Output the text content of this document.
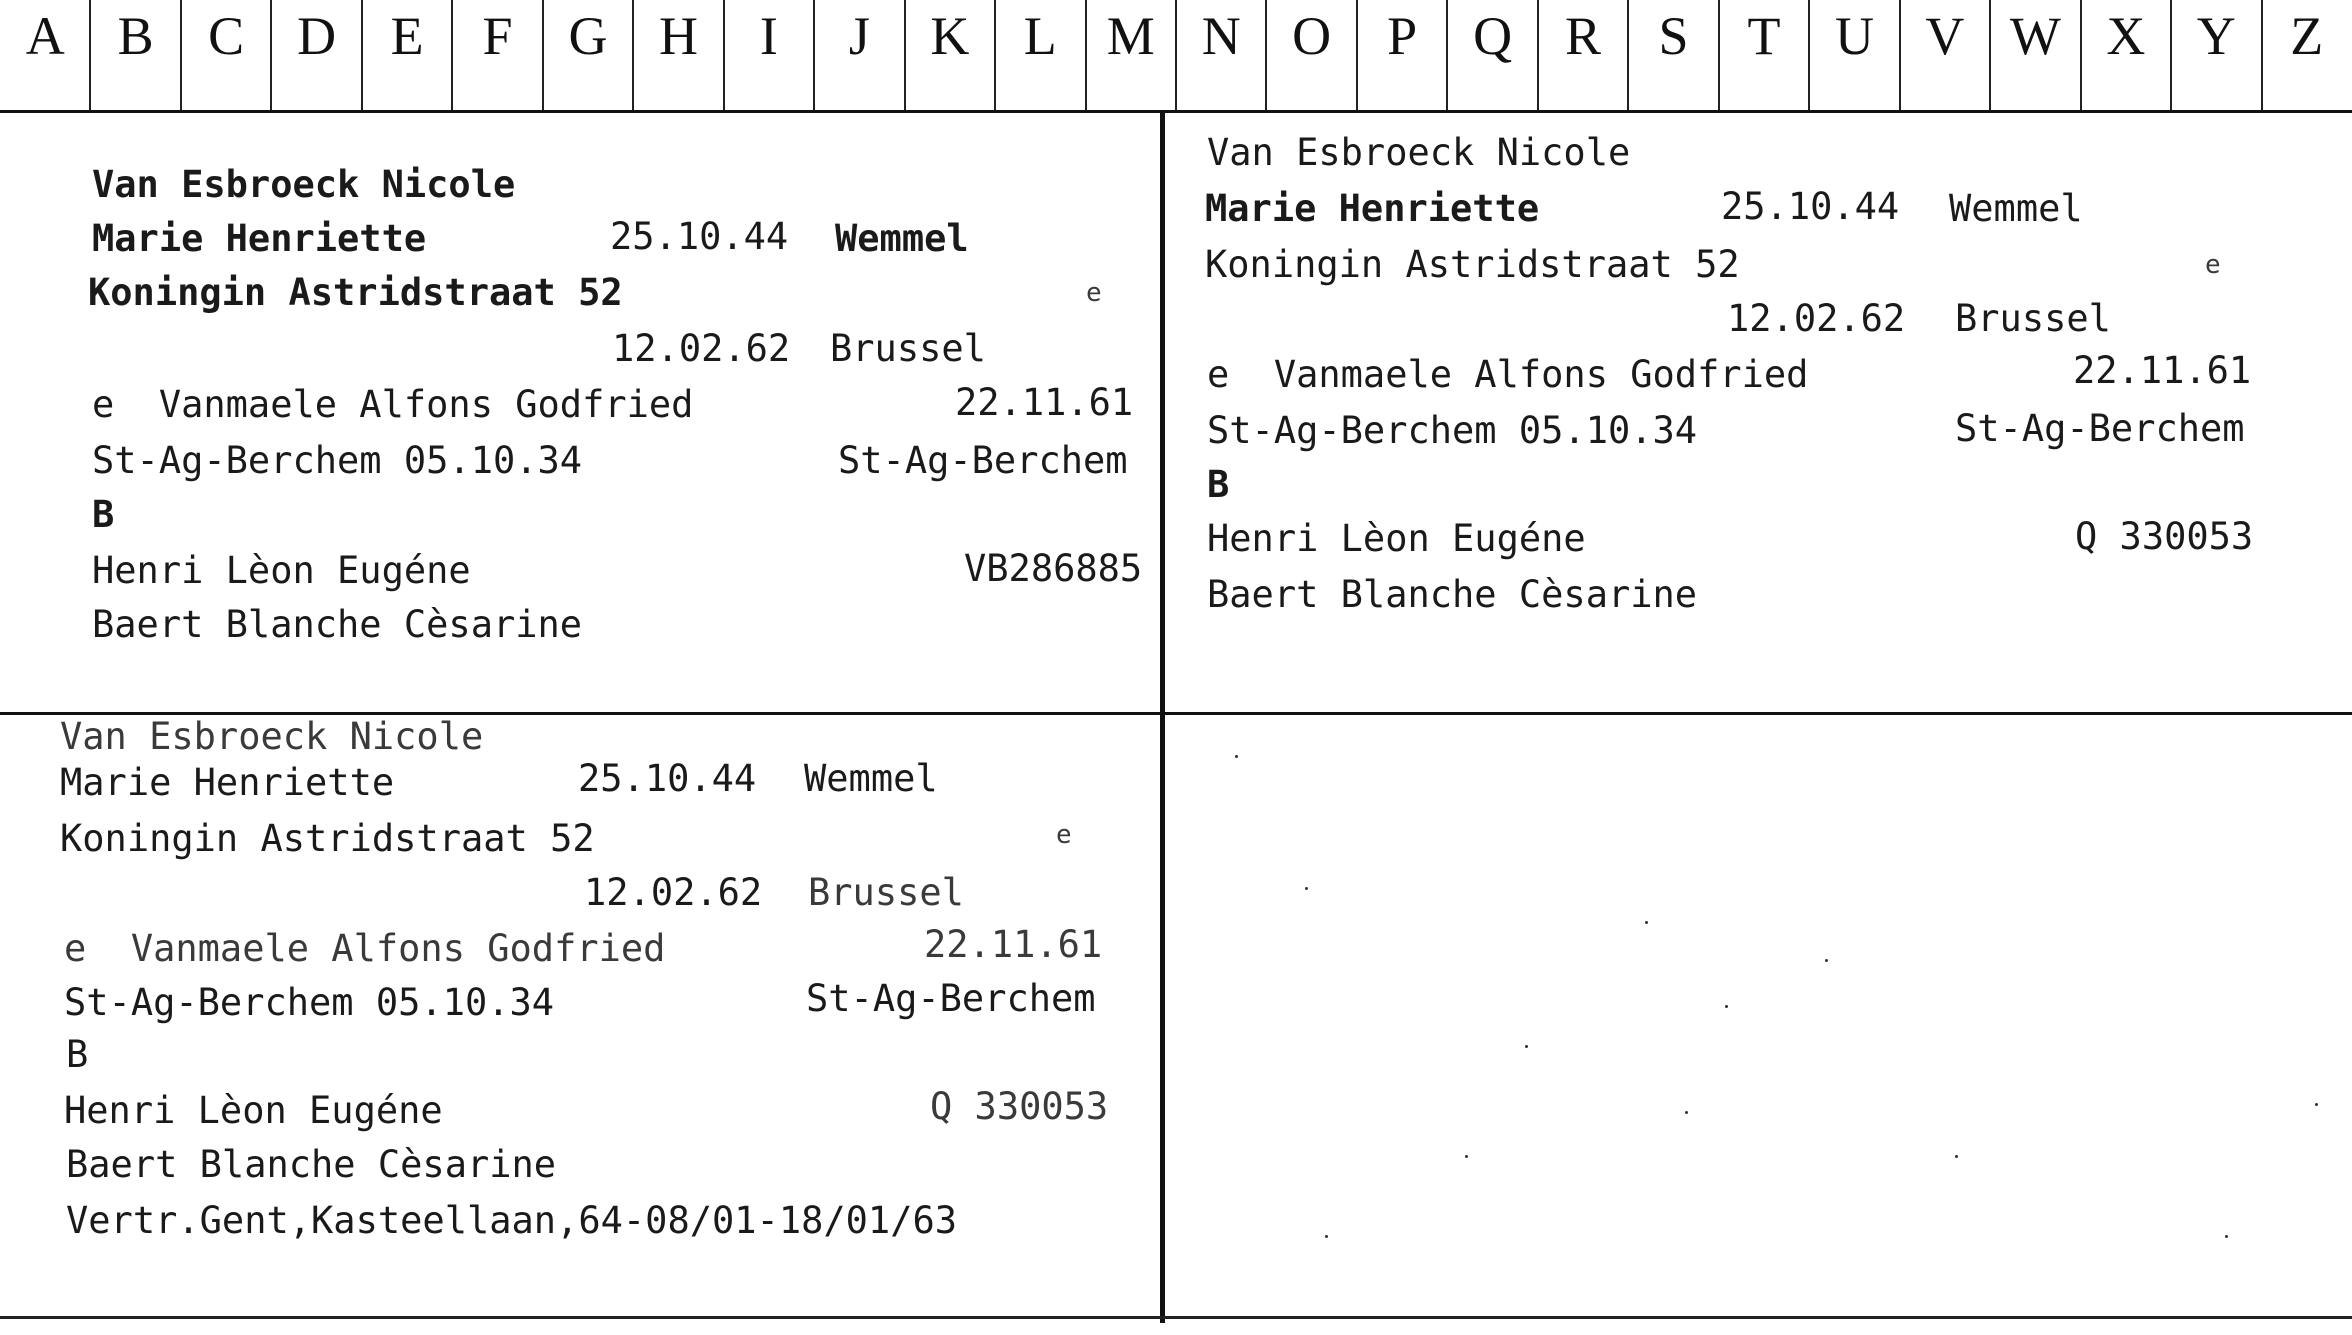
A B	C D	E	F	G H	I	J	K	L M N O	P	Q R	S	T	U V W X Y	Z
Van Esbroeck Nicole
Marie Henriette	25.10.44 Wemmel
Koningin Astridstraat 52	e
12.02.62 Brussel
e  Vanmaele Alfons Godfried	22.11.61
St-Ag-Berchem 05.10.34	St-Ag-Berchem
B
Henri Lèon Eugéne	VB286885
Baert Blanche Cèsarine
Van Esbroeck Nicole
Marie Henriette	25.10.44 Wemmel
Koningin Astridstraat 52	e
12.02.62 Brussel
e  Vanmaele Alfons Godfried	22.11.61
St-Ag-Berchem 05.10.34	St-Ag-Berchem
B
Henri Lèon Eugéne	Q 330053
Baert Blanche Cèsarine
Van Esbroeck Nicole
Marie Henriette	25.10.44 Wemmel
Koningin Astridstraat 52	e
12.02.62 Brussel
e  Vanmaele Alfons Godfried	22.11.61
St-Ag-Berchem 05.10.34	St-Ag-Berchem
B
Henri Lèon Eugéne	Q 330053
Baert Blanche Cèsarine
Vertr.Gent,Kasteellaan,64-08/01-18/01/63
